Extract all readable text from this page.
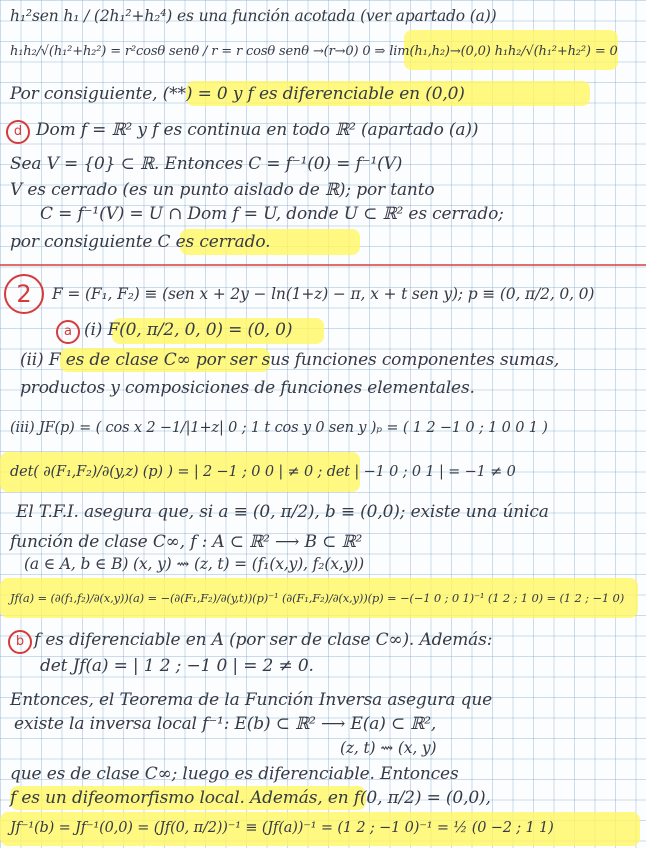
2
d
a
b
h₁²sen h₁ / (2h₁²+h₂⁴) es una función acotada (ver apartado (a))
h₁h₂/√(h₁²+h₂²) = r²cosθ senθ / r = r cosθ senθ →(r→0) 0 ⇒ lim(h₁,h₂)→(0,0) h₁h₂/√(h₁²+h₂²) = 0
Por consiguiente, (**) = 0 y f es diferenciable en (0,0)
Dom f = ℝ² y f es continua en todo ℝ² (apartado (a))
Sea V = {0} ⊂ ℝ. Entonces C = f⁻¹(0) = f⁻¹(V)
V es cerrado (es un punto aislado de ℝ); por tanto
C = f⁻¹(V) = U ∩ Dom f = U, donde U ⊂ ℝ² es cerrado;
por consiguiente C es cerrado.
F = (F₁, F₂) ≡ (sen x + 2y − ln(1+z) − π, x + t sen y); p ≡ (0, π/2, 0, 0)
(i) F(0, π/2, 0, 0) = (0, 0)
(ii) F es de clase C∞ por ser sus funciones componentes sumas,
productos y composiciones de funciones elementales.
(iii) JF(p) = ( cos x 2 −1/|1+z| 0 ; 1 t cos y 0 sen y )ₚ = ( 1 2 −1 0 ; 1 0 0 1 )
det( ∂(F₁,F₂)/∂(y,z) (p) ) = | 2 −1 ; 0 0 | ≠ 0 ; det | −1 0 ; 0 1 | = −1 ≠ 0
El T.F.I. asegura que, si a ≡ (0, π/2), b ≡ (0,0); existe una única
función de clase C∞, f : A ⊂ ℝ² ⟶ B ⊂ ℝ²
(a ∈ A, b ∈ B) (x, y) ⇝ (z, t) = (f₁(x,y), f₂(x,y))
Jf(a) = (∂(f₁,f₂)/∂(x,y))(a) = −(∂(F₁,F₂)/∂(y,t))(p)⁻¹ (∂(F₁,F₂)/∂(x,y))(p) = −(−1 0 ; 0 1)⁻¹ (1 2 ; 1 0) = (1 2 ; −1 0)
f es diferenciable en A (por ser de clase C∞). Además:
det Jf(a) = | 1 2 ; −1 0 | = 2 ≠ 0.
Entonces, el Teorema de la Función Inversa asegura que
existe la inversa local f⁻¹: E(b) ⊂ ℝ² ⟶ E(a) ⊂ ℝ²,
(z, t) ⇝ (x, y)
que es de clase C∞; luego es diferenciable. Entonces
f es un difeomorfismo local. Además, en f(0, π/2) = (0,0),
Jf⁻¹(b) = Jf⁻¹(0,0) = (Jf(0, π/2))⁻¹ ≡ (Jf(a))⁻¹ = (1 2 ; −1 0)⁻¹ = ½ (0 −2 ; 1 1)
